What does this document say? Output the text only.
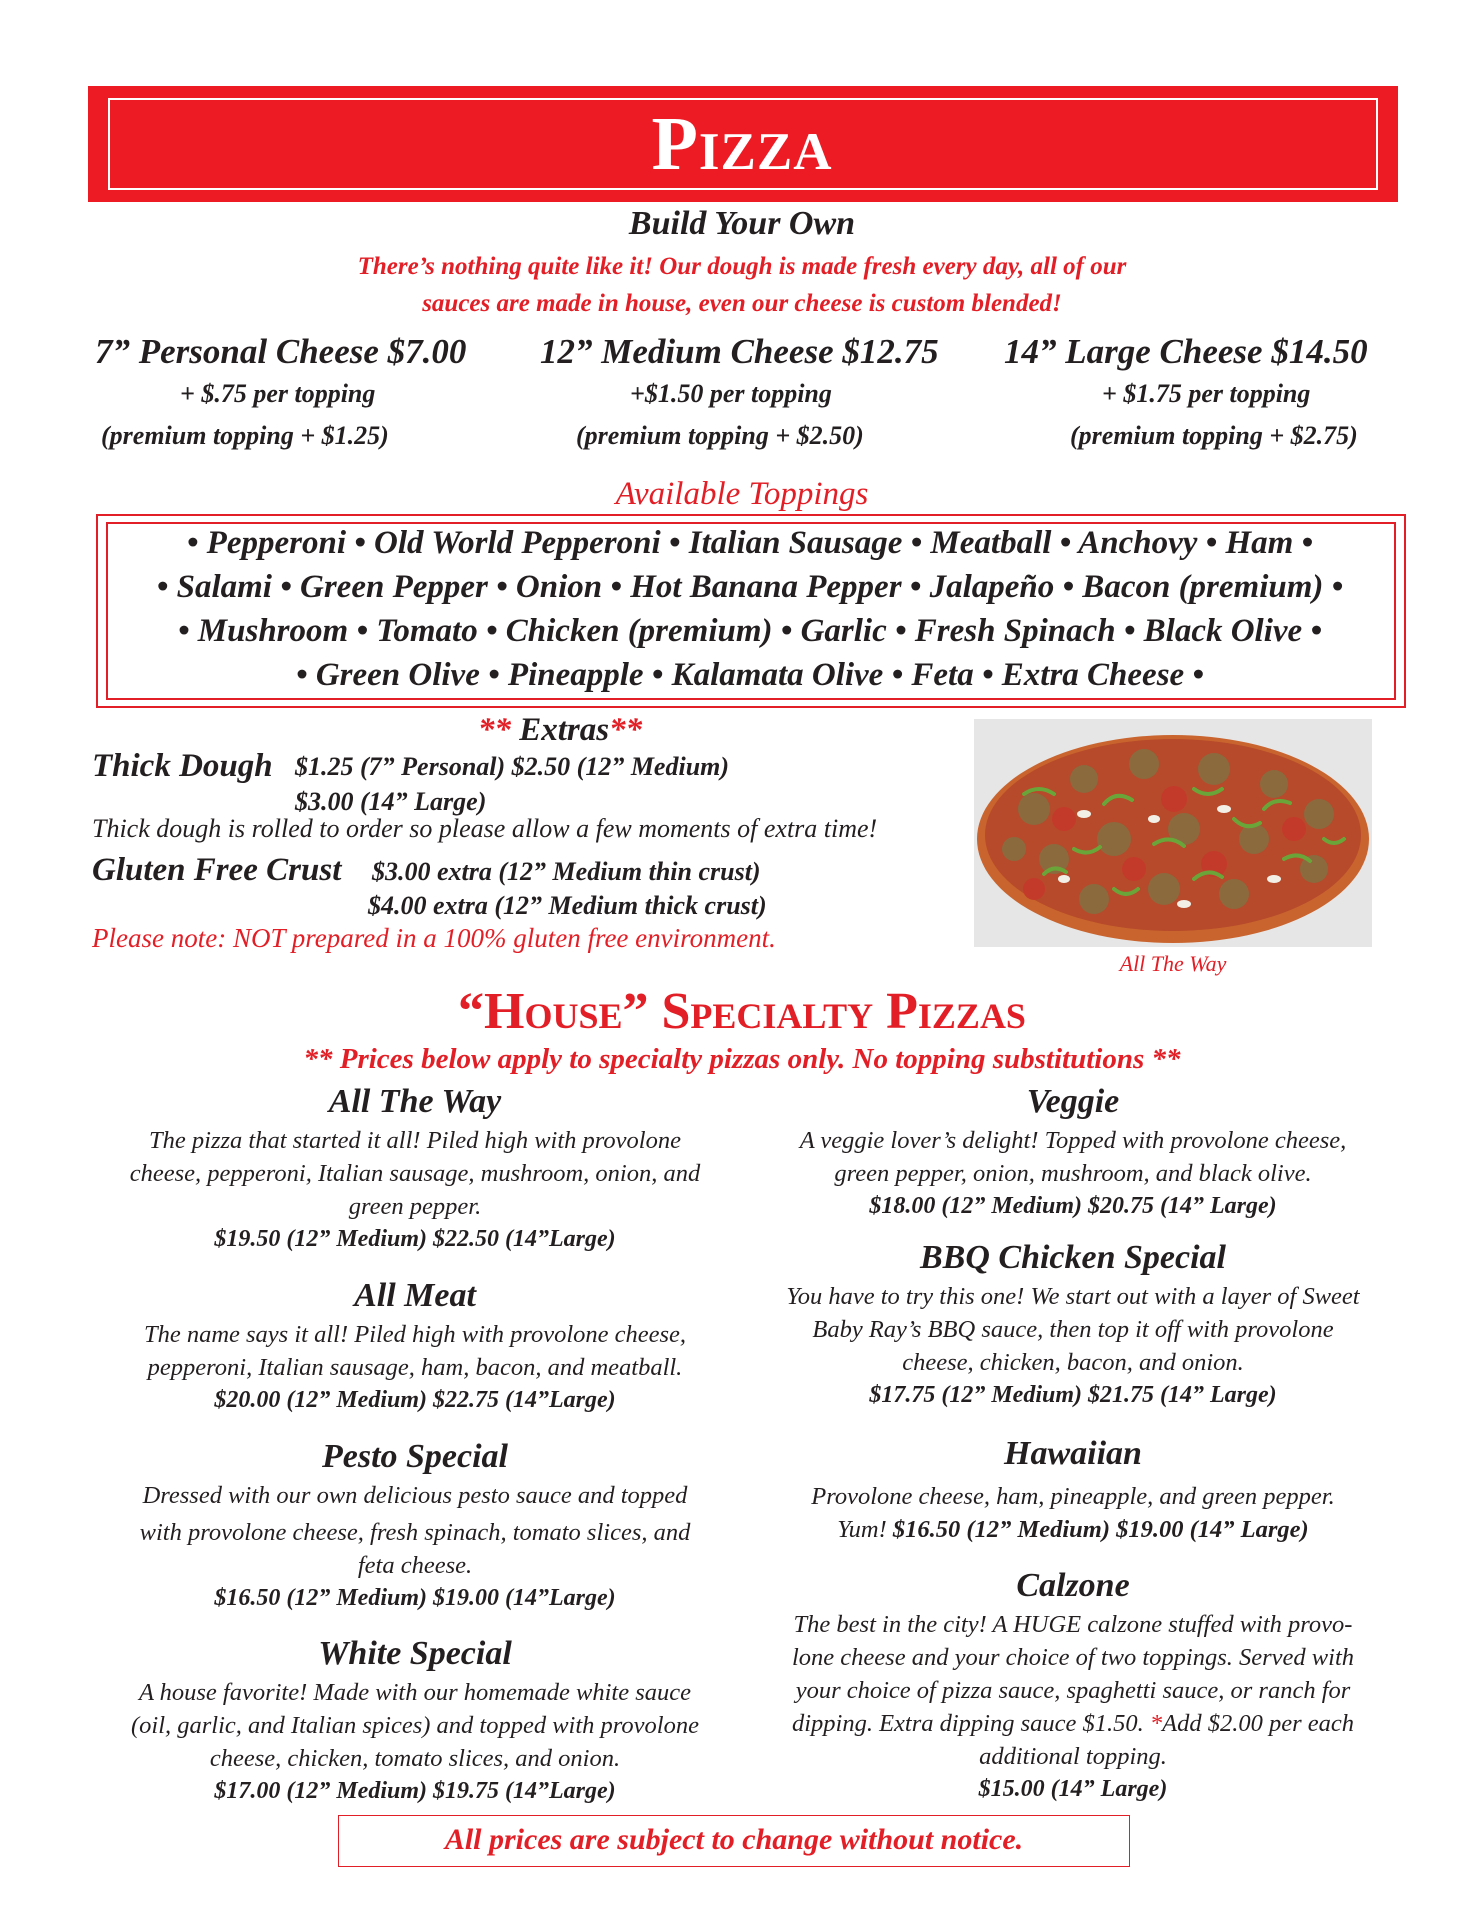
Pizza
Build Your Own
There’s nothing quite like it! Our dough is made fresh every day, all of our
sauces are made in house, even our cheese is custom blended!
7” Personal Cheese $7.00
+ $.75 per topping
(premium topping + $1.25)
12” Medium Cheese $12.75
+$1.50 per topping
(premium topping + $2.50)
14” Large Cheese $14.50
+ $1.75 per topping
(premium topping + $2.75)
Available Toppings
• Pepperoni • Old World Pepperoni • Italian Sausage • Meatball • Anchovy • Ham •
• Salami • Green Pepper • Onion • Hot Banana Pepper • Jalapeño • Bacon (premium) •
• Mushroom • Tomato • Chicken (premium) • Garlic • Fresh Spinach • Black Olive •
• Green Olive • Pineapple • Kalamata Olive • Feta • Extra Cheese •
** Extras**
Thick Dough $1.25 (7” Personal) $2.50 (12” Medium)
$3.00 (14” Large)
Thick dough is rolled to order so please allow a few moments of extra time!
Gluten Free Crust $3.00 extra (12” Medium thin crust)
$4.00 extra (12” Medium thick crust)
Please note: NOT prepared in a 100% gluten free environment.
All The Way
“House” Specialty Pizzas
** Prices below apply to specialty pizzas only. No topping substitutions **
All The Way
The pizza that started it all! Piled high with provolone
cheese, pepperoni, Italian sausage, mushroom, onion, and
green pepper.
$19.50 (12” Medium) $22.50 (14”Large)
All Meat
The name says it all! Piled high with provolone cheese,
pepperoni, Italian sausage, ham, bacon, and meatball.
$20.00 (12” Medium) $22.75 (14”Large)
Pesto Special
Dressed with our own delicious pesto sauce and topped
with provolone cheese, fresh spinach, tomato slices, and
feta cheese.
$16.50 (12” Medium) $19.00 (14”Large)
White Special
A house favorite! Made with our homemade white sauce
(oil, garlic, and Italian spices) and topped with provolone
cheese, chicken, tomato slices, and onion.
$17.00 (12” Medium) $19.75 (14”Large)
Veggie
A veggie lover’s delight! Topped with provolone cheese,
green pepper, onion, mushroom, and black olive.
$18.00 (12” Medium) $20.75 (14” Large)
BBQ Chicken Special
You have to try this one! We start out with a layer of Sweet
Baby Ray’s BBQ sauce, then top it off with provolone
cheese, chicken, bacon, and onion.
$17.75 (12” Medium) $21.75 (14” Large)
Hawaiian
Provolone cheese, ham, pineapple, and green pepper.
Yum! $16.50 (12” Medium) $19.00 (14” Large)
Calzone
The best in the city! A HUGE calzone stuffed with provo-
lone cheese and your choice of two toppings. Served with
your choice of pizza sauce, spaghetti sauce, or ranch for
dipping. Extra dipping sauce $1.50. *Add $2.00 per each
additional topping.
$15.00 (14” Large)
All prices are subject to change without notice.
